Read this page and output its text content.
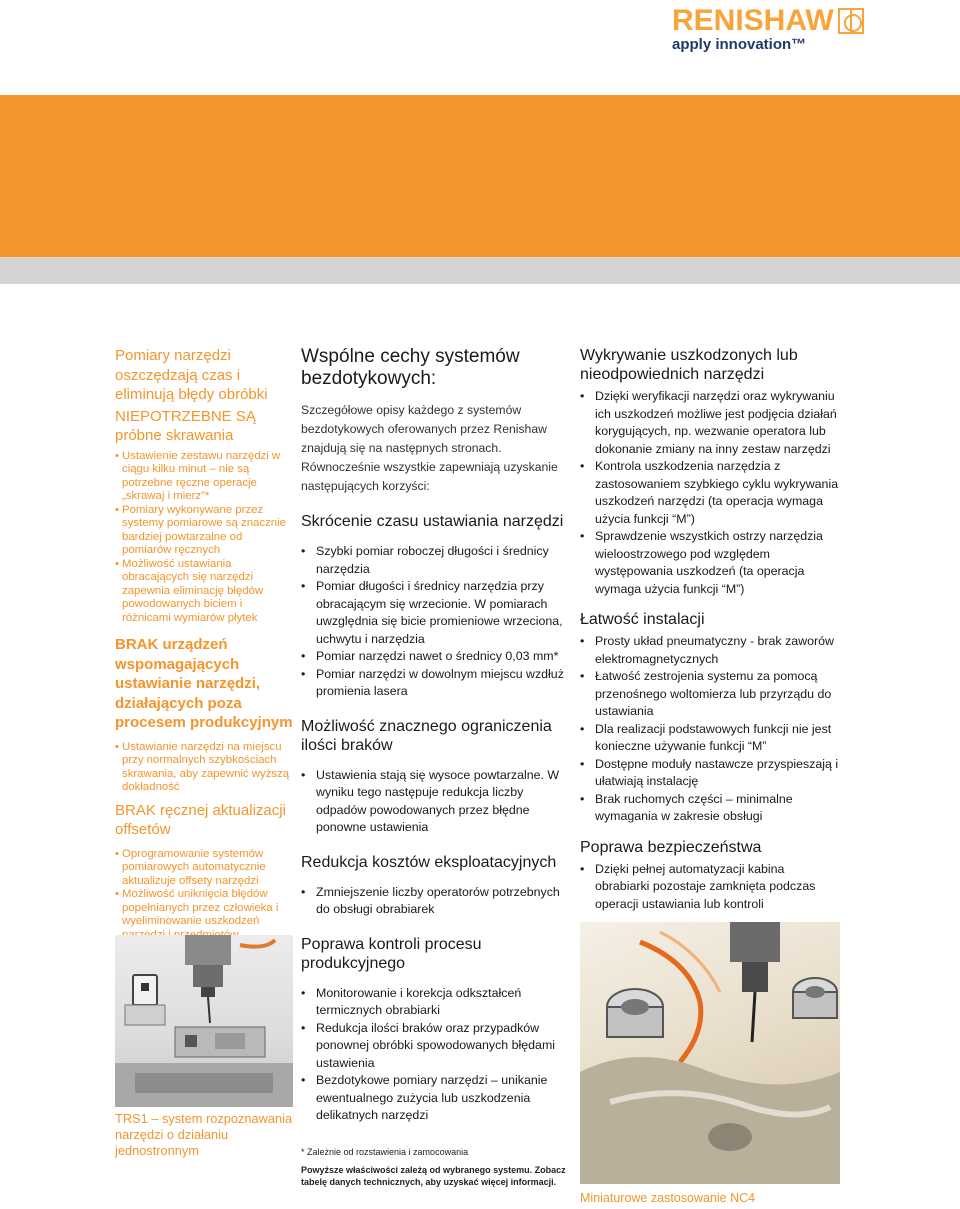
RENISHAW
apply innovation™
Pomiary narzędzi oszczędzają czas i eliminują błędy obróbki
NIEPOTRZEBNE SĄ próbne skrawania
• Ustawienie zestawu narzędzi w ciągu kilku minut – nie są potrzebne ręczne operacje „skrawaj i mierz”*
• Pomiary wykonywane przez systemy pomiarowe są znacznie bardziej powtarzalne od pomiarów ręcznych
• Możliwość ustawiania obracających się narzędzi zapewnia eliminację błędów powodowanych biciem i różnicami wymiarów płytek
BRAK urządzeń wspomagających ustawianie narzędzi, działających poza procesem produkcyjnym
• Ustawianie narzędzi na miejscu przy normalnych szybkościach skrawania, aby zapewnić wyższą dokładność
BRAK ręcznej aktualizacji offsetów
• Oprogramowanie systemów pomiarowych automatycznie aktualizuje offsety narzędzi
• Możliwość uniknięcia błędów popełnianych przez człowieka i wyeliminowanie uszkodzeń
TRS1 – system rozpoznawania narzędzi o działaniu jednostronnym
Wspólne cechy systemów bezdotykowych:
Szczegółowe opisy każdego z systemów bezdotykowych oferowanych przez Renishaw znajdują się na następnych stronach.
Równocześnie wszystkie zapewniają uzyskanie następujących korzyści:
Skrócenie czasu ustawiania narzędzi
• Szybki pomiar roboczej długości i średnicy narzędzia
• Pomiar długości i średnicy narzędzia przy obracającym się wrzecionie. W pomiarach uwzględnia się bicie promieniowe wrzeciona, uchwytu i narzędzia
• Pomiar narzędzi nawet o średnicy 0,03 mm*
• Pomiar narzędzi w dowolnym miejscu wzdłuż promienia lasera
Możliwość znacznego ograniczenia ilości braków
• Ustawienia stają się wysoce powtarzalne. W wyniku tego następuje redukcja liczby odpadów powodowanych przez błędne ponowne ustawienia
Redukcja kosztów eksploatacyjnych
• Zmniejszenie liczby operatorów potrzebnych do obsługi obrabiarek
Poprawa kontroli procesu produkcyjnego
• Monitorowanie i korekcja odkształceń termicznych obrabiarki
• Redukcja ilości braków oraz przypadków ponownej obróbki spowodowanych błędami ustawienia
• Bezdotykowe pomiary narzędzi – unikanie ewentualnego zużycia lub uszkodzenia delikatnych narzędzi
* Zależnie od rozstawienia i zamocowania
Powyższe właściwości zależą od wybranego systemu. Zobacz tabelę danych technicznych, aby uzyskać więcej informacji.
Wykrywanie uszkodzonych lub nieodpowiednich narzędzi
• Dzięki weryfikacji narzędzi oraz wykrywaniu ich uszkodzeń możliwe jest podjęcia działań korygujących, np. wezwanie operatora lub dokonanie zmiany na inny zestaw narzędzi
• Kontrola uszkodzenia narzędzia z zastosowaniem szybkiego cyklu wykrywania uszkodzeń narzędzi (ta operacja wymaga użycia funkcji “M”)
• Sprawdzenie wszystkich ostrzy narzędzia wieloostrzowego pod względem występowania uszkodzeń (ta operacja wymaga użycia funkcji “M”)
Łatwość instalacji
• Prosty układ pneumatyczny - brak zaworów elektromagnetycznych
• Łatwość zestrojenia systemu za pomocą przenośnego woltomierza lub przyrządu do ustawiania
• Dla realizacji podstawowych funkcji nie jest konieczne używanie funkcji “M”
• Dostępne moduły nastawcze przyspieszają i ułatwiają instalację
• Brak ruchomych części – minimalne wymagania w zakresie obsługi
Poprawa bezpieczeństwa
• Dzięki pełnej automatyzacji kabina obrabiarki pozostaje zamknięta podczas operacji ustawiania lub kontroli
Miniaturowe zastosowanie NC4
